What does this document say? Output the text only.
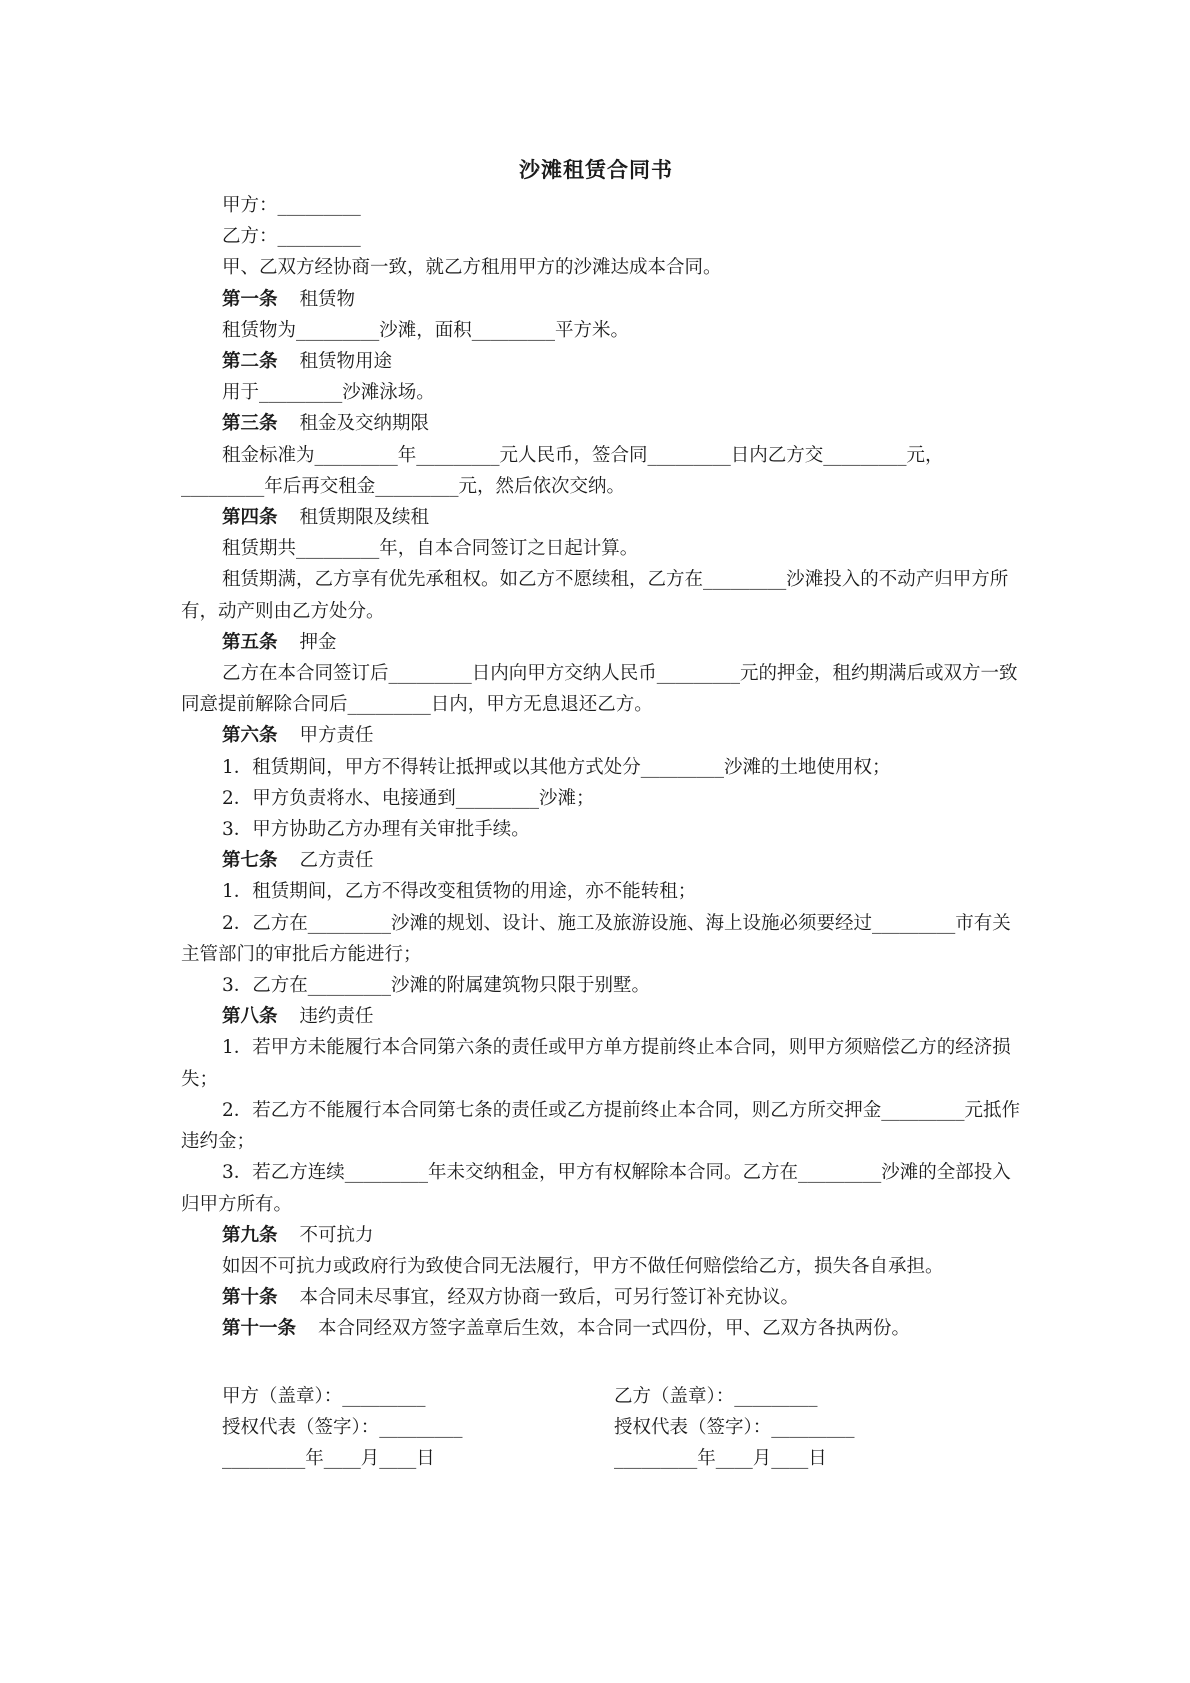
沙滩租赁合同书

甲方：_________

乙方：_________

甲、乙双方经协商一致，就乙方租用甲方的沙滩达成本合同。

第一条 租赁物

租赁物为_________沙滩，面积_________平方米。

第二条 租赁物用途

用于_________沙滩泳场。

第三条 租金及交纳期限

租金标准为_________年_________元人民币，签合同_________日内乙方交_________元，_________年后再交租金_________元，然后依次交纳。

第四条 租赁期限及续租

租赁期共_________年，自本合同签订之日起计算。

租赁期满，乙方享有优先承租权。如乙方不愿续租，乙方在_________沙滩投入的不动产归甲方所有，动产则由乙方处分。

第五条 押金

乙方在本合同签订后_________日内向甲方交纳人民币_________元的押金，租约期满后或双方一致同意提前解除合同后_________日内，甲方无息退还乙方。

第六条 甲方责任

1．租赁期间，甲方不得转让抵押或以其他方式处分_________沙滩的土地使用权；

2．甲方负责将水、电接通到_________沙滩；

3．甲方协助乙方办理有关审批手续。

第七条 乙方责任

1．租赁期间，乙方不得改变租赁物的用途，亦不能转租；

2．乙方在_________沙滩的规划、设计、施工及旅游设施、海上设施必须要经过_________市有关主管部门的审批后方能进行；

3．乙方在_________沙滩的附属建筑物只限于别墅。

第八条 违约责任

1．若甲方未能履行本合同第六条的责任或甲方单方提前终止本合同，则甲方须赔偿乙方的经济损失；

2．若乙方不能履行本合同第七条的责任或乙方提前终止本合同，则乙方所交押金_________元抵作违约金；

3．若乙方连续_________年未交纳租金，甲方有权解除本合同。乙方在_________沙滩的全部投入归甲方所有。

第九条 不可抗力

如因不可抗力或政府行为致使合同无法履行，甲方不做任何赔偿给乙方，损失各自承担。

第十条 本合同未尽事宜，经双方协商一致后，可另行签订补充协议。

第十一条 本合同经双方签字盖章后生效，本合同一式四份，甲、乙双方各执两份。

甲方（盖章）：_________	乙方（盖章）：_________
授权代表（签字）：_________	授权代表（签字）：_________
_________年____月____日	_________年____月____日
